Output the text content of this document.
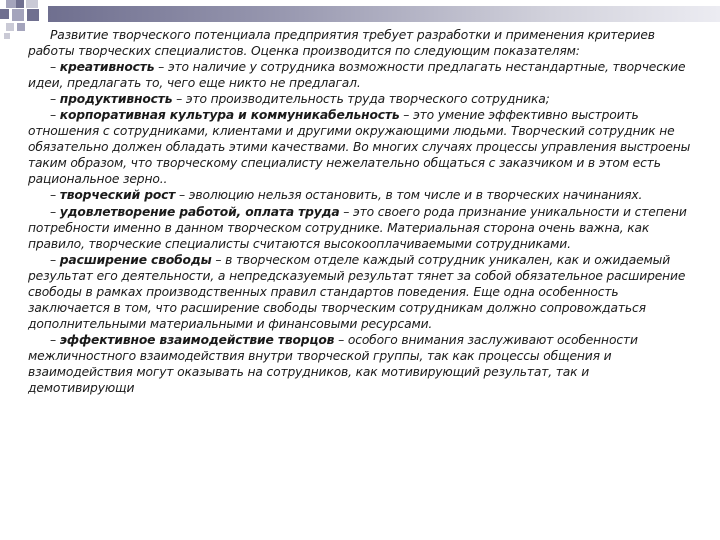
Развитие творческого потенциала предприятия требует разработки и применения критериев работы творческих специалистов. Оценка производится по следующим показателям:

– креативность – это наличие у сотрудника возможности предлагать нестандартные, творческие идеи, предлагать то, чего еще никто не предлагал.

– продуктивность – это производительность труда творческого сотрудника;

– корпоративная культура и коммуникабельность – это умение эффективно выстроить отношения с сотрудниками, клиентами и другими окружающими людьми. Творческий сотрудник не обязательно должен обладать этими качествами. Во многих случаях процессы управления выстроены таким образом, что творческому специалисту нежелательно общаться с заказчиком и в этом есть рациональное зерно..

– творческий рост – эволюцию нельзя остановить, в том числе и в творческих начинаниях.

– удовлетворение работой, оплата труда – это своего рода признание уникальности и степени потребности именно в данном творческом сотруднике. Материальная сторона очень важна, как правило, творческие специалисты считаются высокооплачиваемыми сотрудниками.

– расширение свободы – в творческом отделе каждый сотрудник уникален, как и ожидаемый результат его деятельности, а непредсказуемый результат тянет за собой обязательное расширение свободы в рамках производственных правил стандартов поведения. Еще одна особенность заключается в том, что расширение свободы творческим сотрудникам должно сопровождаться дополнительными материальными и финансовыми ресурсами.

– эффективное взаимодействие творцов – особого внимания заслуживают особенности межличностного взаимодействия внутри творческой группы, так как процессы общения и взаимодействия могут оказывать на сотрудников, как мотивирующий результат, так и демотивирующи
